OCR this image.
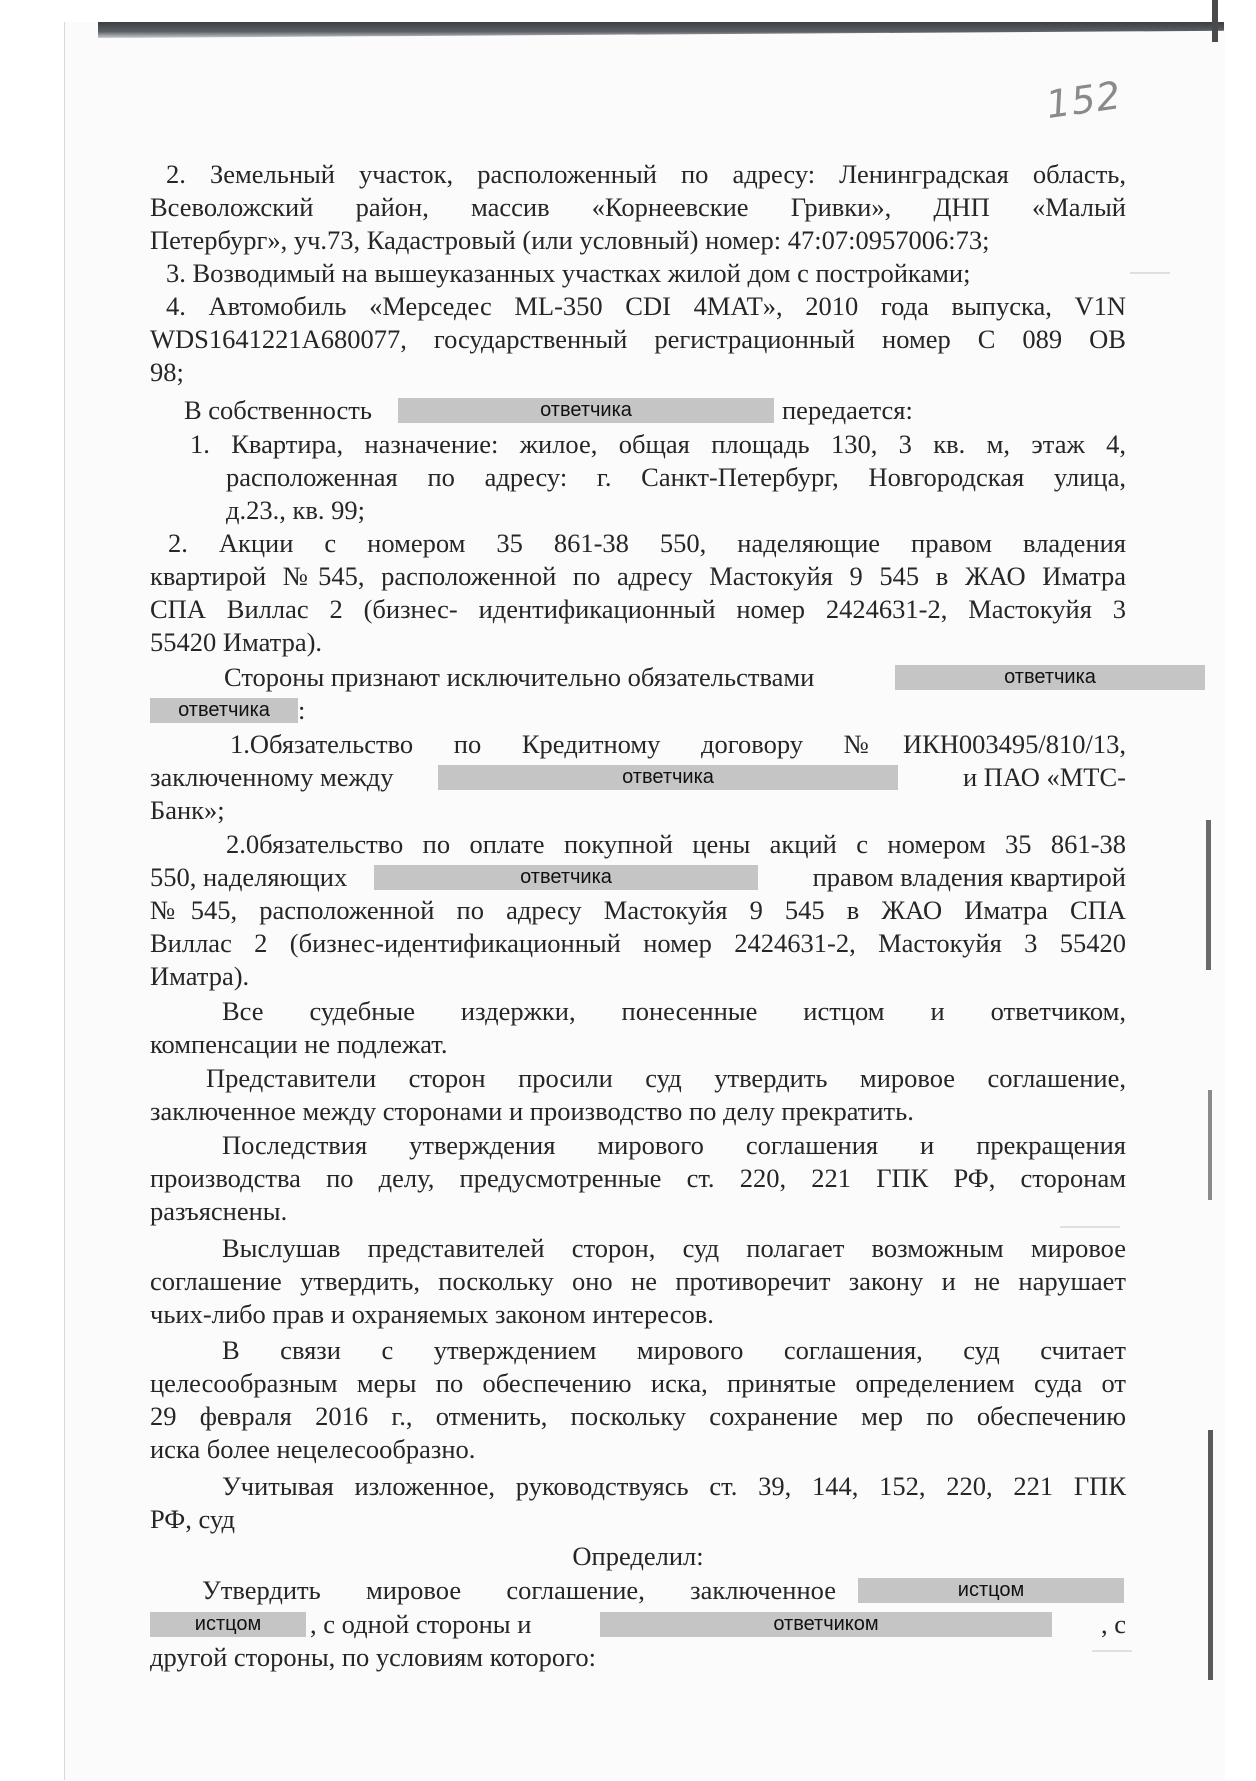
152
2. Земельный участок, расположенный по адресу: Ленинградская область,
Всеволожский район, массив «Корнеевские Гривки», ДНП «Малый
Петербург», уч.73, Кадастровый (или условный) номер: 47:07:0957006:73;
3. Возводимый на вышеуказанных участках жилой дом с постройками;
4. Автомобиль «Мерседес ML-350 CDI 4MAT», 2010 года выпуска, V1N
WDS1641221A680077, государственный регистрационный номер С 089 ОВ
98;
В собственность	ответчика	передается:
1. Квартира, назначение: жилое, общая площадь 130, 3 кв. м, этаж 4,
расположенная по адресу: г. Санкт-Петербург, Новгородская улица,
д.23., кв. 99;
2. Акции с номером 35 861-38 550, наделяющие правом владения
квартирой №545, расположенной по адресу Мастокуйя 9 545 в ЖАО Иматра
СПА Виллас 2 (бизнес- идентификационный номер 2424631-2, Мастокуйя 3
55420 Иматра).
Стороны признают исключительно обязательствами	ответчика
ответчика	:
1.Обязательство по Кредитному договору №ИКН003495/810/13,
заключенному между	ответчика	и ПАО «МТС-
Банк»;
2.0бязательство по оплате покупной цены акций с номером 35 861-38
550, наделяющих	ответчика	правом владения квартирой
№545, расположенной по адресу Мастокуйя 9 545 в ЖАО Иматра СПА
Виллас 2 (бизнес-идентификационный номер 2424631-2, Мастокуйя 3 55420
Иматра).
Все судебные издержки, понесенные истцом и ответчиком,
компенсации не подлежат.
Представители сторон просили суд утвердить мировое соглашение,
заключенное между сторонами и производство по делу прекратить.
Последствия утверждения мирового соглашения и прекращения
производства по делу, предусмотренные ст. 220, 221 ГПК РФ, сторонам
разъяснены.
Выслушав представителей сторон, суд полагает возможным мировое
соглашение утвердить, поскольку оно не противоречит закону и не нарушает
чьих-либо прав и охраняемых законом интересов.
В связи с утверждением мирового соглашения, суд считает
целесообразным меры по обеспечению иска, принятые определением суда от
29 февраля 2016 г., отменить, поскольку сохранение мер по обеспечению
иска более нецелесообразно.
Учитывая изложенное, руководствуясь ст. 39, 144, 152, 220, 221 ГПК
РФ, суд
Определил:
Утвердить мировое соглашение, заключенное	истцом
истцом	, с одной стороны и	ответчиком	, с
другой стороны, по условиям которого:
